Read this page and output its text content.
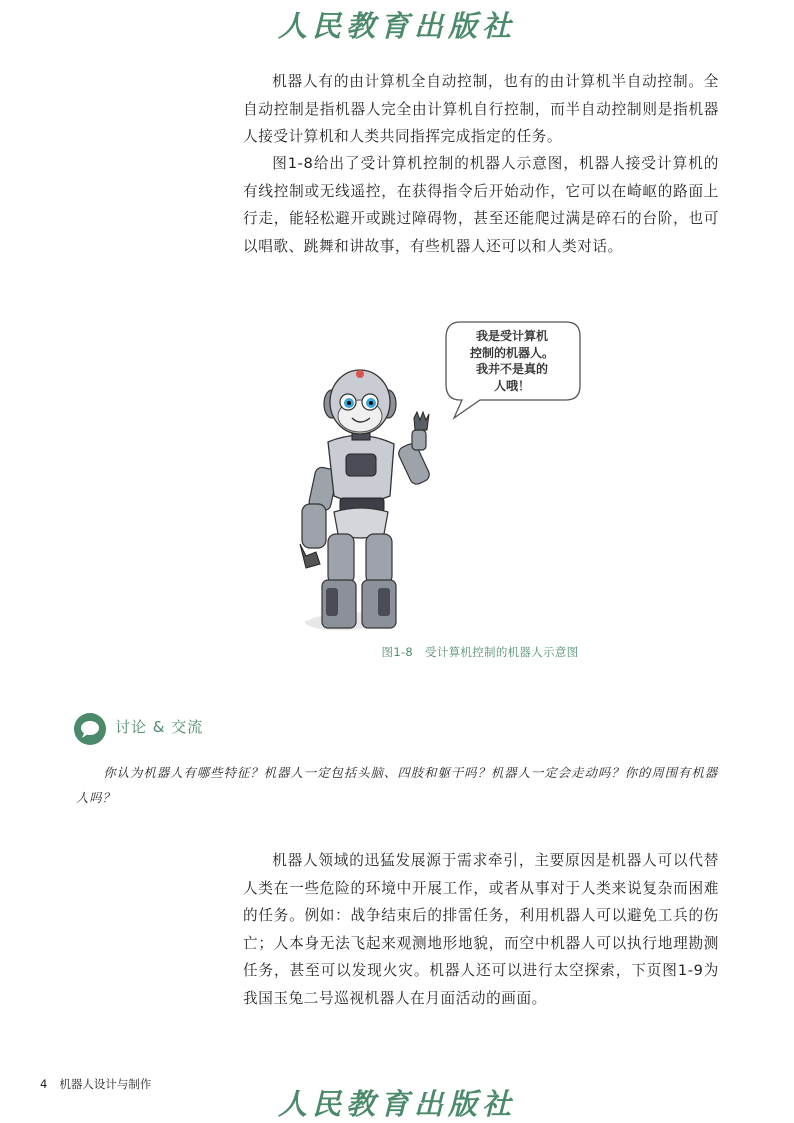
人民教育出版社

机器人有的由计算机全自动控制，也有的由计算机半自动控制。全自动控制是指机器人完全由计算机自行控制，而半自动控制则是指机器人接受计算机和人类共同指挥完成指定的任务。

图1-8给出了受计算机控制的机器人示意图，机器人接受计算机的有线控制或无线遥控，在获得指令后开始动作，它可以在崎岖的路面上行走，能轻松避开或跳过障碍物，甚至还能爬过满是碎石的台阶，也可以唱歌、跳舞和讲故事，有些机器人还可以和人类对话。

我是受计算机
控制的机器人。
我并不是真的
人哦！
图1-8 受计算机控制的机器人示意图
讨论 & 交流

你认为机器人有哪些特征？机器人一定包括头脑、四肢和躯干吗？机器人一定会走动吗？你的周围有机器人吗？

机器人领域的迅猛发展源于需求牵引，主要原因是机器人可以代替人类在一些危险的环境中开展工作，或者从事对于人类来说复杂而困难的任务。例如：战争结束后的排雷任务，利用机器人可以避免工兵的伤亡；人本身无法飞起来观测地形地貌，而空中机器人可以执行地理勘测任务，甚至可以发现火灾。机器人还可以进行太空探索，下页图1-9为我国玉兔二号巡视机器人在月面活动的画面。

4 机器人设计与制作
人民教育出版社
